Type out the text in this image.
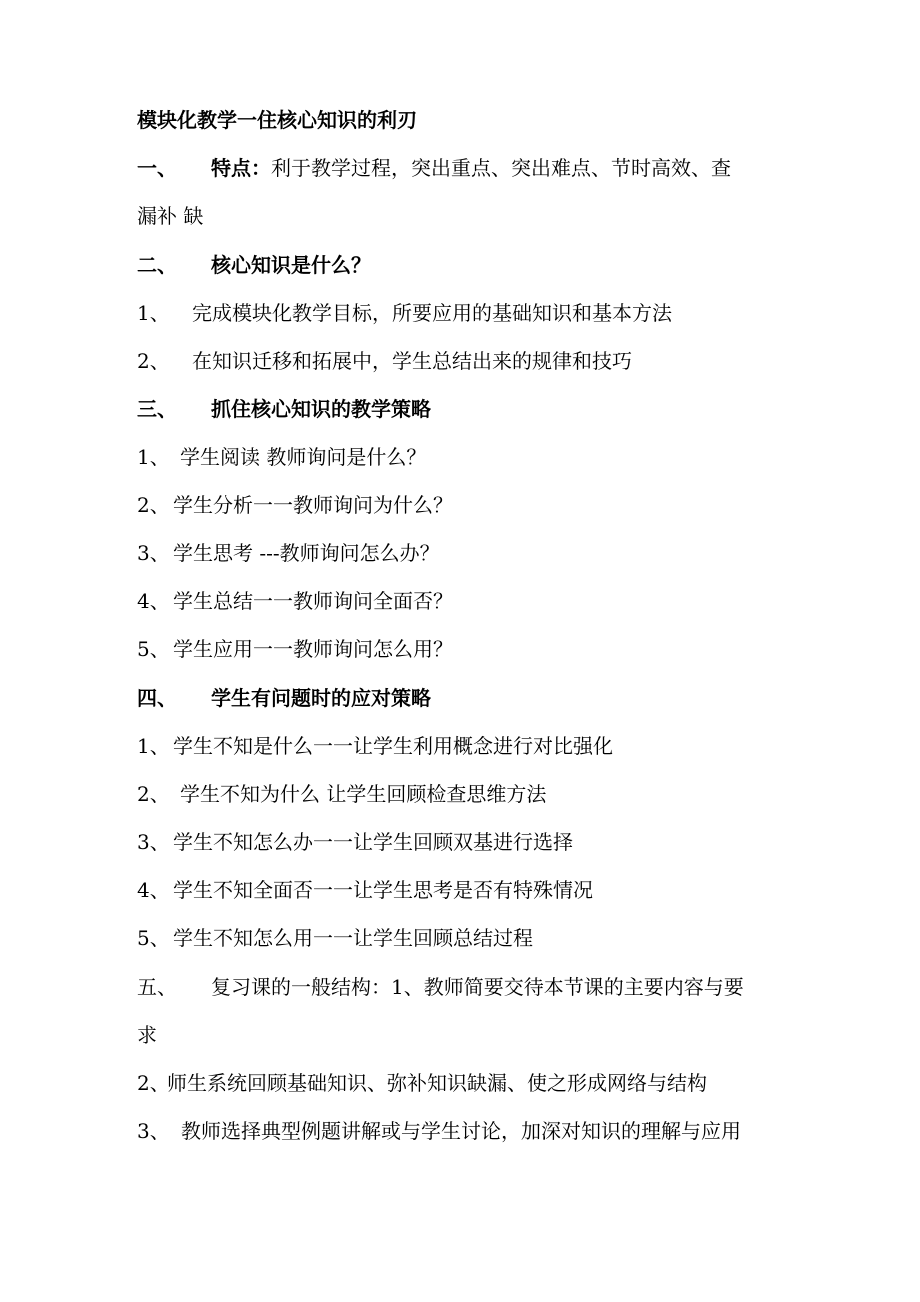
模块化教学一住核心知识的利刃
一、 特点：利于教学过程，突出重点、突出难点、节时高效、查
漏补 缺
二、 核心知识是什么？
1、 完成模块化教学目标，所要应用的基础知识和基本方法
2、 在知识迁移和拓展中，学生总结出来的规律和技巧
三、 抓住核心知识的教学策略
1、 学生阅读 教师询问是什么？
2、 学生分析一一教师询问为什么？
3、 学生思考 ---教师询问怎么办？
4、 学生总结一一教师询问全面否？
5、 学生应用一一教师询问怎么用？
四、 学生有问题时的应对策略
1、 学生不知是什么一一让学生利用概念进行对比强化
2、 学生不知为什么 让学生回顾检查思维方法
3、 学生不知怎么办一一让学生回顾双基进行选择
4、 学生不知全面否一一让学生思考是否有特殊情况
5、 学生不知怎么用一一让学生回顾总结过程
五、 复习课的一般结构：1、教师简要交待本节课的主要内容与要
求
2、师生系统回顾基础知识、弥补知识缺漏、使之形成网络与结构
3、 教师选择典型例题讲解或与学生讨论，加深对知识的理解与应用
